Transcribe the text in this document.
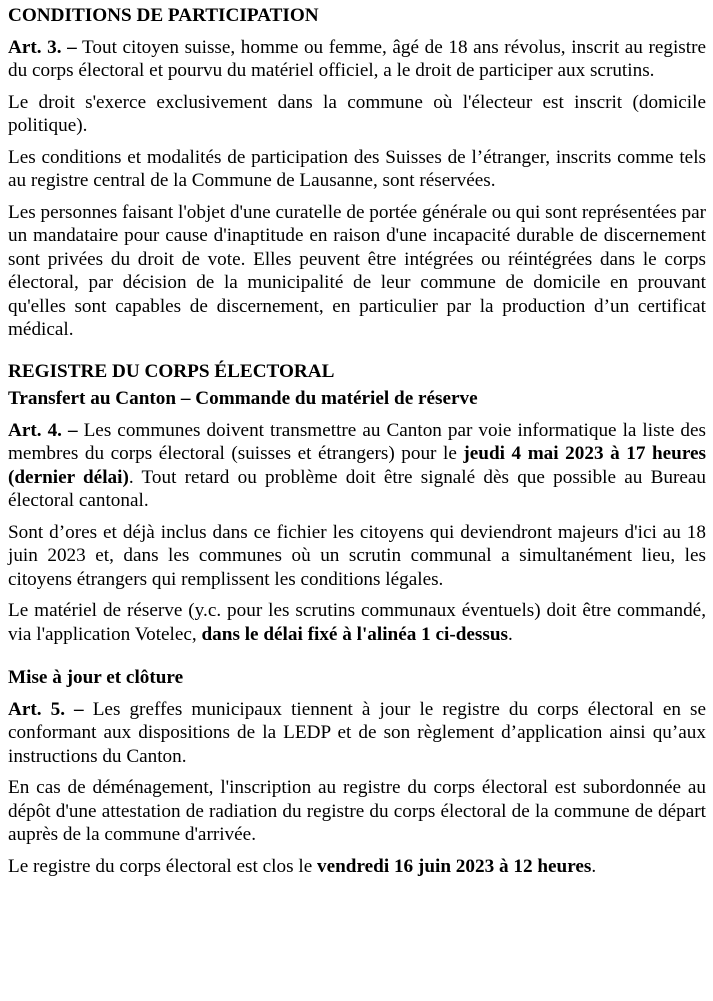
CONDITIONS DE PARTICIPATION

Art. 3. – Tout citoyen suisse, homme ou femme, âgé de 18 ans révolus, inscrit au registre du corps électoral et pourvu du matériel officiel, a le droit de participer aux scrutins.

Le droit s'exerce exclusivement dans la commune où l'électeur est inscrit (domicile politique).

Les conditions et modalités de participation des Suisses de l’étranger, inscrits comme tels au registre central de la Commune de Lausanne, sont réservées.

Les personnes faisant l'objet d'une curatelle de portée générale ou qui sont représentées par un mandataire pour cause d'inaptitude en raison d'une incapacité durable de discernement sont privées du droit de vote. Elles peuvent être intégrées ou réintégrées dans le corps électoral, par décision de la municipalité de leur commune de domicile en prouvant qu'elles sont capables de discernement, en particulier par la production d’un certificat médical.

REGISTRE DU CORPS ÉLECTORAL

Transfert au Canton – Commande du matériel de réserve

Art. 4. – Les communes doivent transmettre au Canton par voie informatique la liste des membres du corps électoral (suisses et étrangers) pour le jeudi 4 mai 2023 à 17 heures (dernier délai). Tout retard ou problème doit être signalé dès que possible au Bureau électoral cantonal.

Sont d’ores et déjà inclus dans ce fichier les citoyens qui deviendront majeurs d'ici au 18 juin 2023 et, dans les communes où un scrutin communal a simultanément lieu, les citoyens étrangers qui remplissent les conditions légales.

Le matériel de réserve (y.c. pour les scrutins communaux éventuels) doit être commandé, via l'application Votelec, dans le délai fixé à l'alinéa 1 ci-dessus.

Mise à jour et clôture

Art. 5. – Les greffes municipaux tiennent à jour le registre du corps électoral en se conformant aux dispositions de la LEDP et de son règlement d’application ainsi qu’aux instructions du Canton.

En cas de déménagement, l'inscription au registre du corps électoral est subordonnée au dépôt d'une attestation de radiation du registre du corps électoral de la commune de départ auprès de la commune d'arrivée.

Le registre du corps électoral est clos le vendredi 16 juin 2023 à 12 heures.
